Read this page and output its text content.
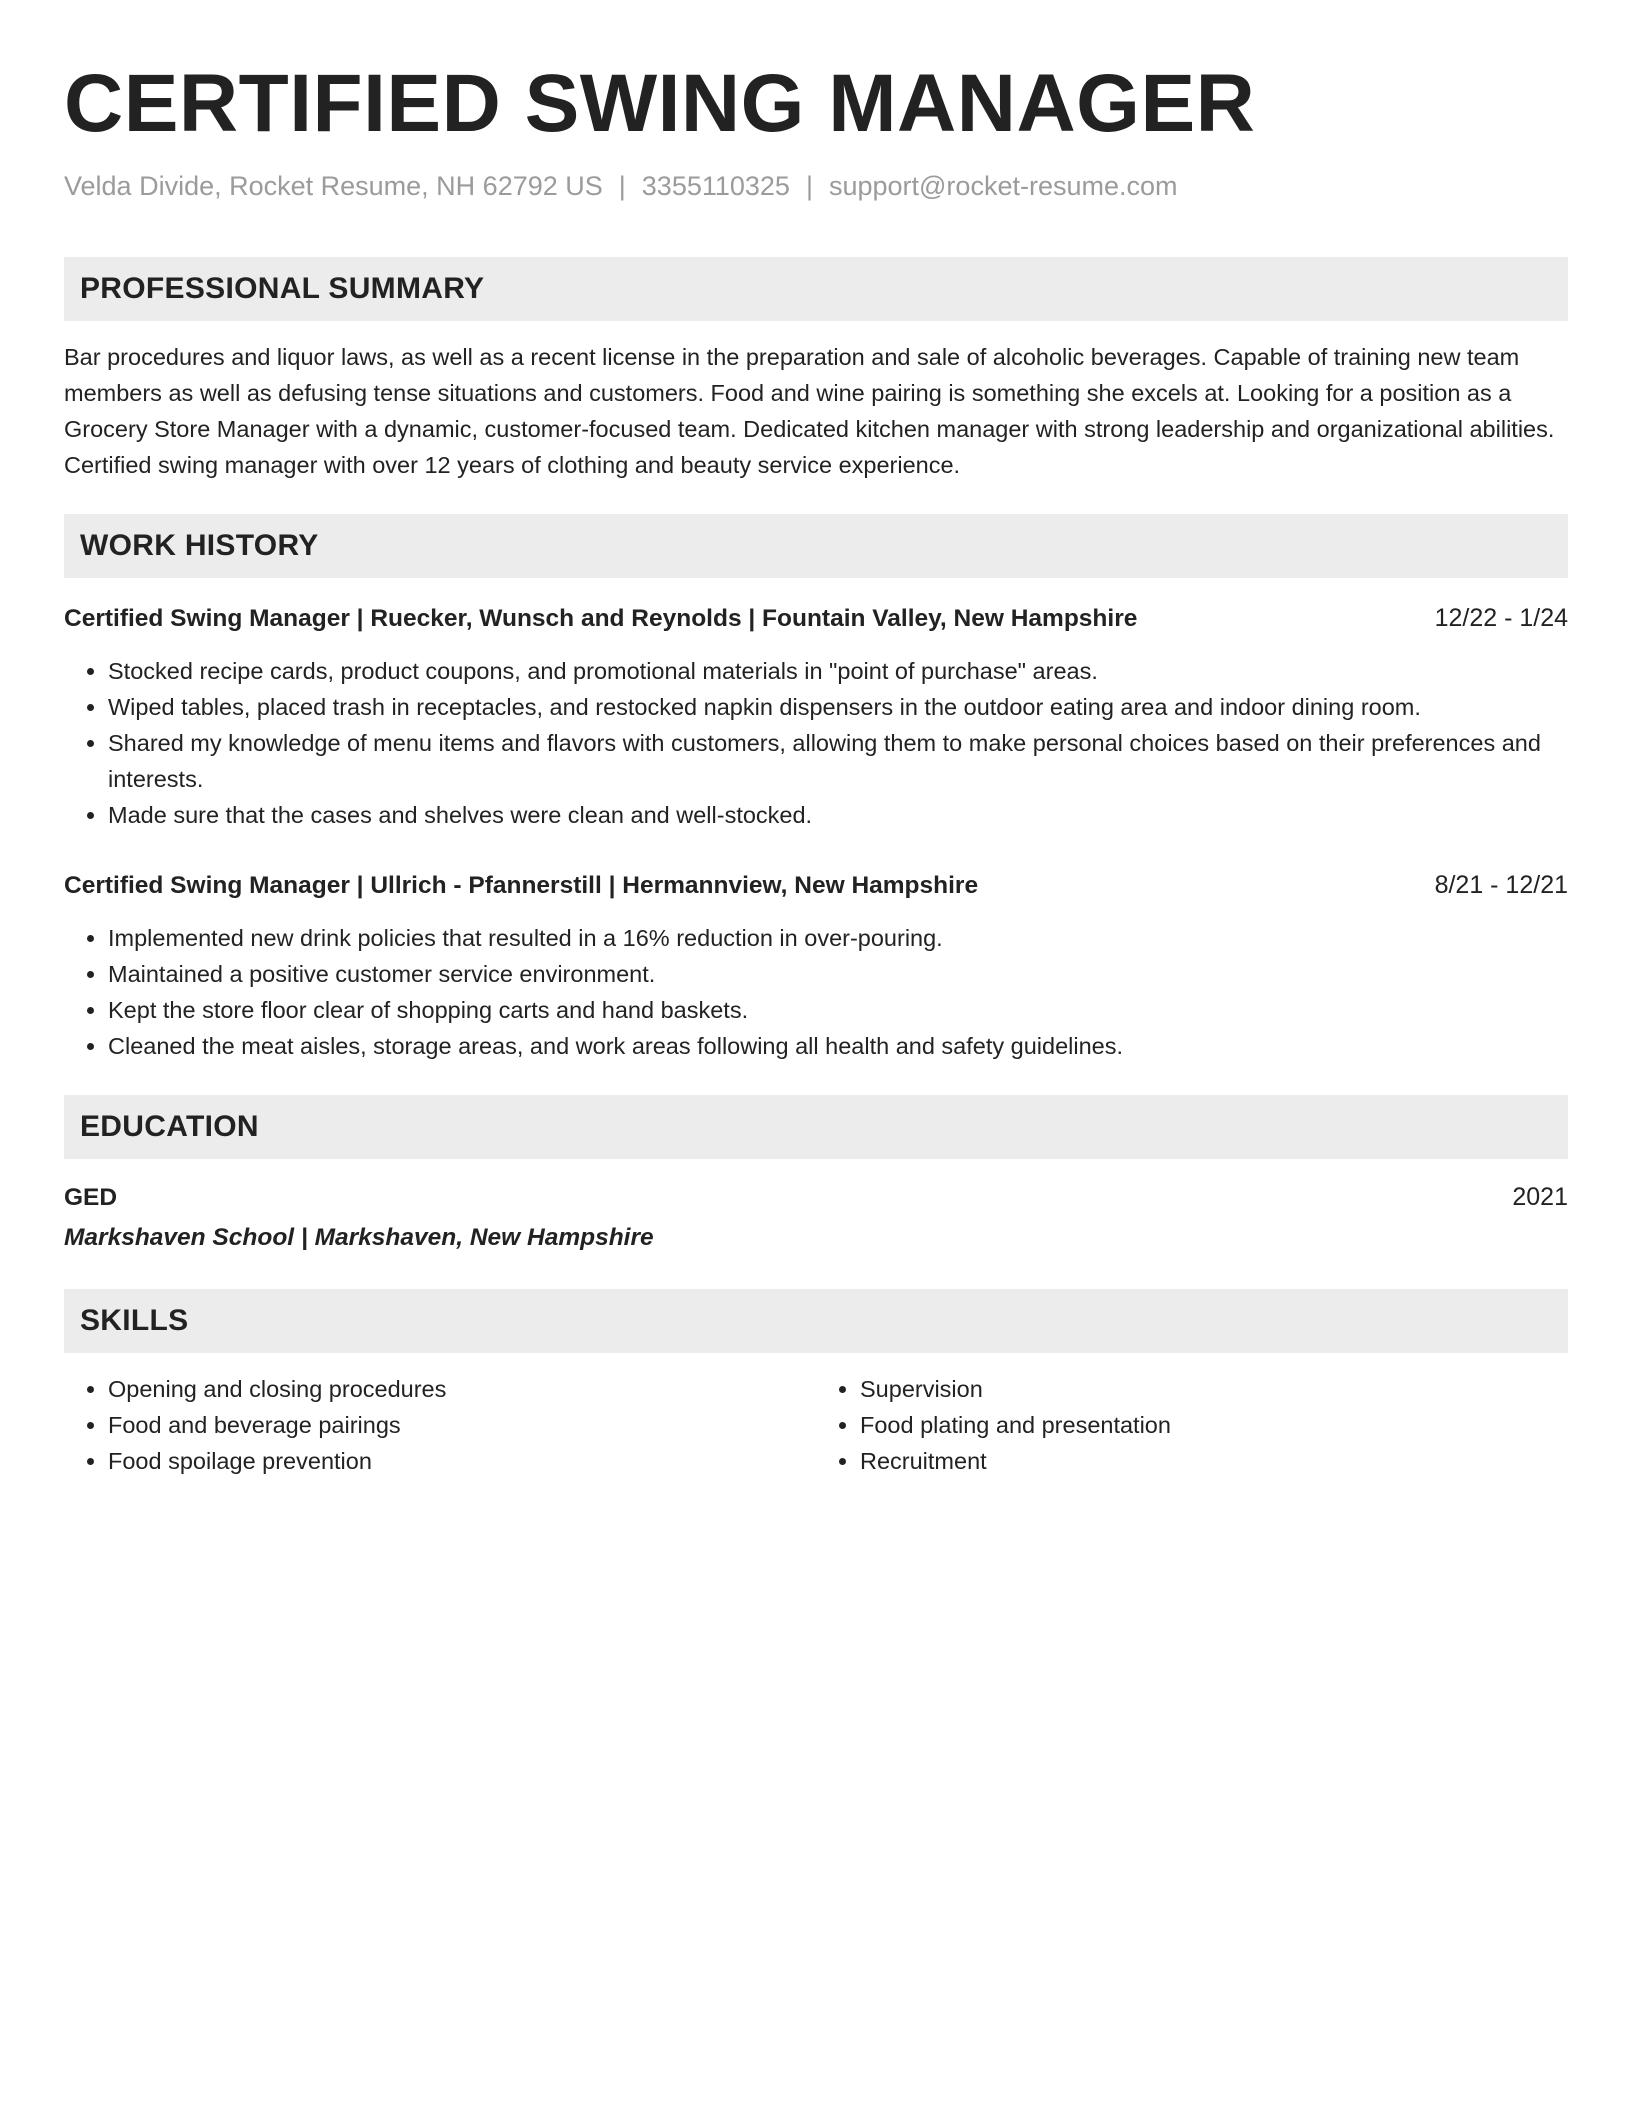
CERTIFIED SWING MANAGER
Velda Divide, Rocket Resume, NH 62792 US | 3355110325 | support@rocket-resume.com
PROFESSIONAL SUMMARY

Bar procedures and liquor laws, as well as a recent license in the preparation and sale of alcoholic beverages. Capable of training new team members as well as defusing tense situations and customers. Food and wine pairing is something she excels at. Looking for a position as a Grocery Store Manager with a dynamic, customer-focused team. Dedicated kitchen manager with strong leadership and organizational abilities. Certified swing manager with over 12 years of clothing and beauty service experience.

WORK HISTORY
Certified Swing Manager | Ruecker, Wunsch and Reynolds | Fountain Valley, New Hampshire	12/22 - 1/24
• Stocked recipe cards, product coupons, and promotional materials in "point of purchase" areas.
• Wiped tables, placed trash in receptacles, and restocked napkin dispensers in the outdoor eating area and indoor dining room.
• Shared my knowledge of menu items and flavors with customers, allowing them to make personal choices based on their preferences and interests.
• Made sure that the cases and shelves were clean and well-stocked.
Certified Swing Manager | Ullrich - Pfannerstill | Hermannview, New Hampshire	8/21 - 12/21
• Implemented new drink policies that resulted in a 16% reduction in over-pouring.
• Maintained a positive customer service environment.
• Kept the store floor clear of shopping carts and hand baskets.
• Cleaned the meat aisles, storage areas, and work areas following all health and safety guidelines.
EDUCATION
GED	2021
Markshaven School | Markshaven, New Hampshire
SKILLS
• Opening and closing procedures
• Food and beverage pairings
• Food spoilage prevention
• Supervision
• Food plating and presentation
• Recruitment
